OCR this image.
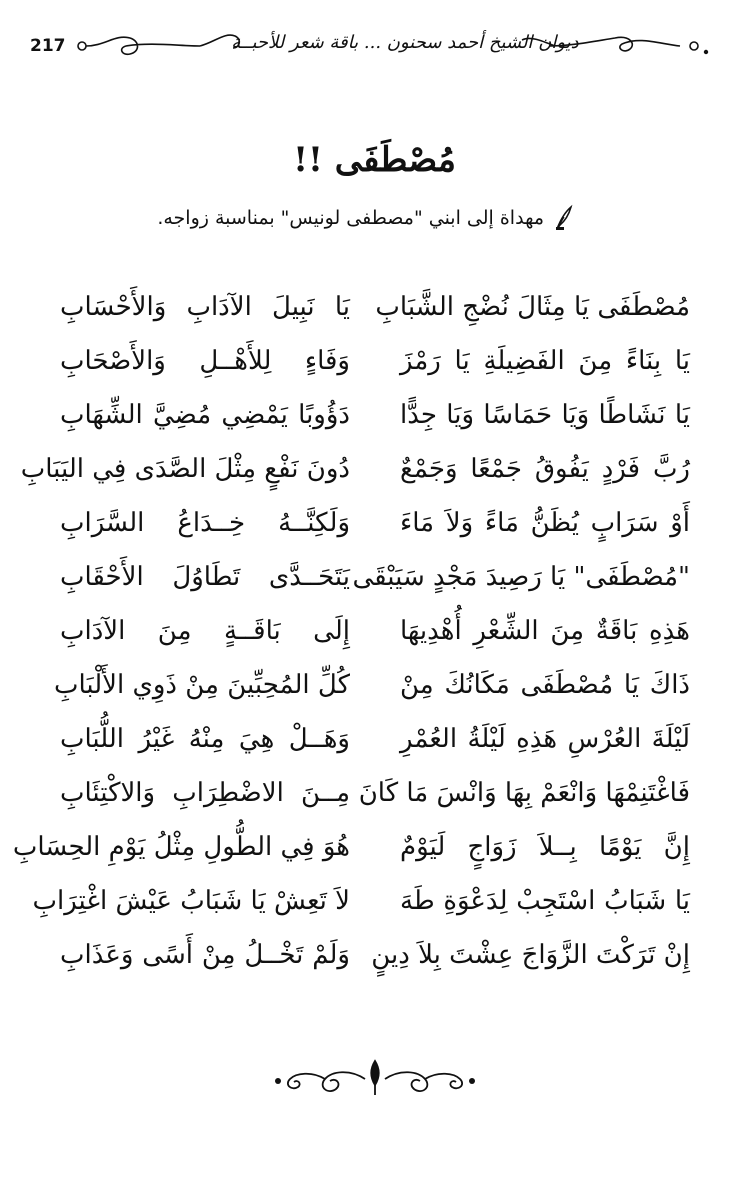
217	ديوان الشيخ أحمد سحنون ... باقة شعر للأحبــة
مُصْطَفَى !!
مهداة إلى ابني "مصطفى لونيس" بمناسبة زواجه.
مُصْطَفَى يَا مِثَالَ نُضْجِ الشَّبَابِ
يَا نَبِيلَ الآدَابِ وَالأَحْسَابِ
يَا بِنَاءً مِنَ الفَضِيلَةِ يَا رَمْزَ
وَفَاءٍ لِلأَهْــلِ وَالأَصْحَابِ
يَا نَشَاطًا وَيَا حَمَاسًا وَيَا جِدًّا
دَؤُوبًا يَمْضِي مُضِيَّ الشِّهَابِ
رُبَّ فَرْدٍ يَفُوقُ جَمْعًا وَجَمْعٌ
دُونَ نَفْعٍ مِثْلَ الصَّدَى فِي اليَبَابِ
أَوْ سَرَابٍ يُظَنُّ مَاءً وَلاَ مَاءَ
وَلَكِنَّــهُ خِــدَاعُ السَّرَابِ
"مُصْطَفَى" يَا رَصِيدَ مَجْدٍ سَيَبْقَى
يَتَحَــدَّى تَطَاوُلَ الأَحْقَابِ
هَذِهِ بَاقَةٌ مِنَ الشِّعْرِ أُهْدِيهَا
إِلَى بَاقَــةٍ مِنَ الآدَابِ
ذَاكَ يَا مُصْطَفَى مَكَانُكَ مِنْ
كُلِّ المُحِبِّينَ مِنْ ذَوِي الأَلْبَابِ
لَيْلَةَ العُرْسِ هَذِهِ لَيْلَةُ العُمْرِ
وَهَــلْ هِيَ مِنْهُ غَيْرُ اللُّبَابِ
فَاغْتَنِمْهَا وَانْعَمْ بِهَا وَانْسَ مَا كَانَ
مِــنَ الاضْطِرَابِ وَالاكْتِئَابِ
إِنَّ يَوْمًا بِــلاَ زَوَاجٍ لَيَوْمٌ
هُوَ فِي الطُّولِ مِثْلُ يَوْمِ الحِسَابِ
يَا شَبَابُ اسْتَجِبْ لِدَعْوَةِ طَهَ
لاَ تَعِشْ يَا شَبَابُ عَيْشَ اغْتِرَابِ
إِنْ تَرَكْتَ الزَّوَاجَ عِشْتَ بِلاَ دِينٍ
وَلَمْ تَخْــلُ مِنْ أَسًى وَعَذَابِ
